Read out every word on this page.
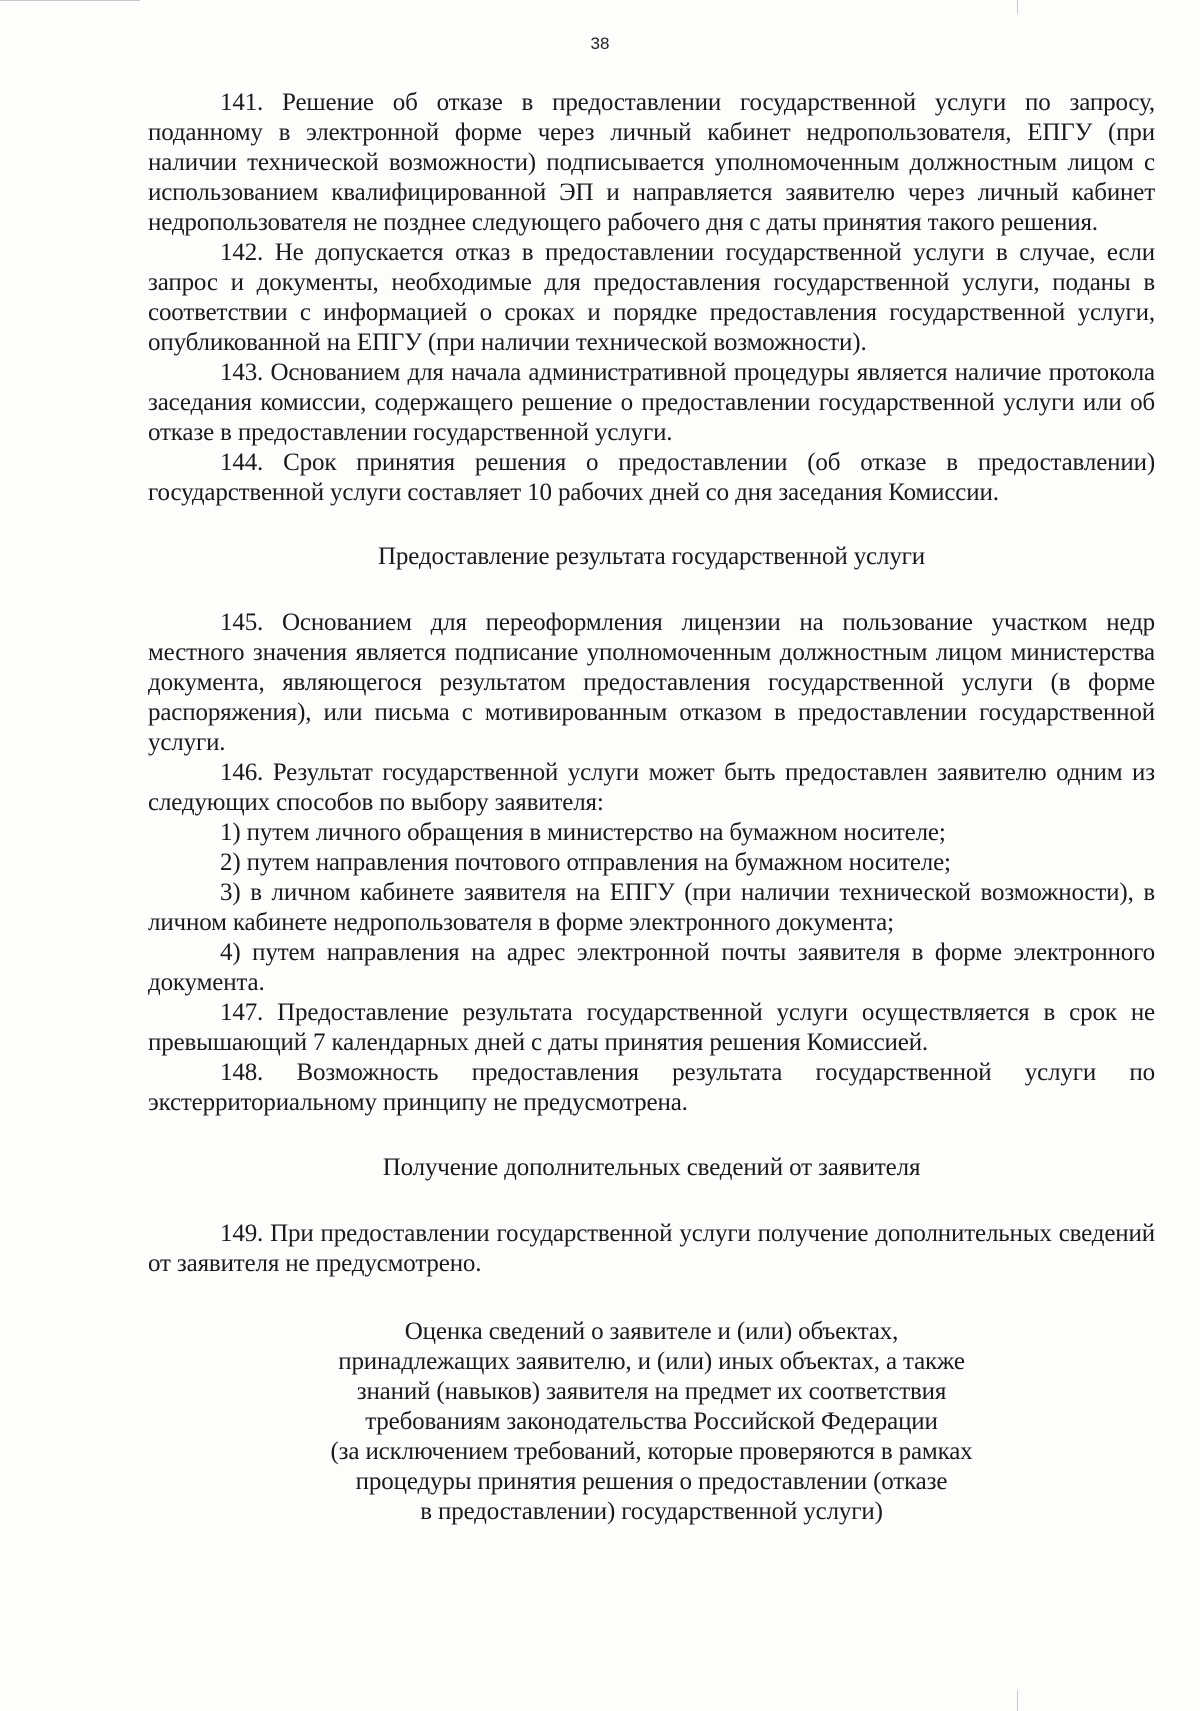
38

141. Решение об отказе в предоставлении государственной услуги по запросу, поданному в электронной форме через личный кабинет недропользователя, ЕПГУ (при наличии технической возможности) подписывается уполномоченным должностным лицом с использованием квалифицированной ЭП и направляется заявителю через личный кабинет недропользователя не позднее следующего рабочего дня с даты принятия такого решения.

142. Не допускается отказ в предоставлении государственной услуги в случае, если запрос и документы, необходимые для предоставления государственной услуги, поданы в соответствии с информацией о сроках и порядке предоставления государственной услуги, опубликованной на ЕПГУ (при наличии технической возможности).

143. Основанием для начала административной процедуры является наличие протокола заседания комиссии, содержащего решение о предоставлении государственной услуги или об отказе в предоставлении государственной услуги.

144. Срок принятия решения о предоставлении (об отказе в предоставлении) государственной услуги составляет 10 рабочих дней со дня заседания Комиссии.

Предоставление результата государственной услуги

145. Основанием для переоформления лицензии на пользование участком недр местного значения является подписание уполномоченным должностным лицом министерства документа, являющегося результатом предоставления государственной услуги (в форме распоряжения), или письма с мотивированным отказом в предоставлении государственной услуги.

146. Результат государственной услуги может быть предоставлен заявителю одним из следующих способов по выбору заявителя:

1) путем личного обращения в министерство на бумажном носителе;

2) путем направления почтового отправления на бумажном носителе;

3) в личном кабинете заявителя на ЕПГУ (при наличии технической возможности), в личном кабинете недропользователя в форме электронного документа;

4) путем направления на адрес электронной почты заявителя в форме электронного документа.

147. Предоставление результата государственной услуги осуществляется в срок не превышающий 7 календарных дней с даты принятия решения Комиссией.

148. Возможность предоставления результата государственной услуги по экстерриториальному принципу не предусмотрена.

Получение дополнительных сведений от заявителя

149. При предоставлении государственной услуги получение дополнительных сведений от заявителя не предусмотрено.

Оценка сведений о заявителе и (или) объектах,
принадлежащих заявителю, и (или) иных объектах, а также
знаний (навыков) заявителя на предмет их соответствия
требованиям законодательства Российской Федерации
(за исключением требований, которые проверяются в рамках
процедуры принятия решения о предоставлении (отказе
в предоставлении) государственной услуги)
